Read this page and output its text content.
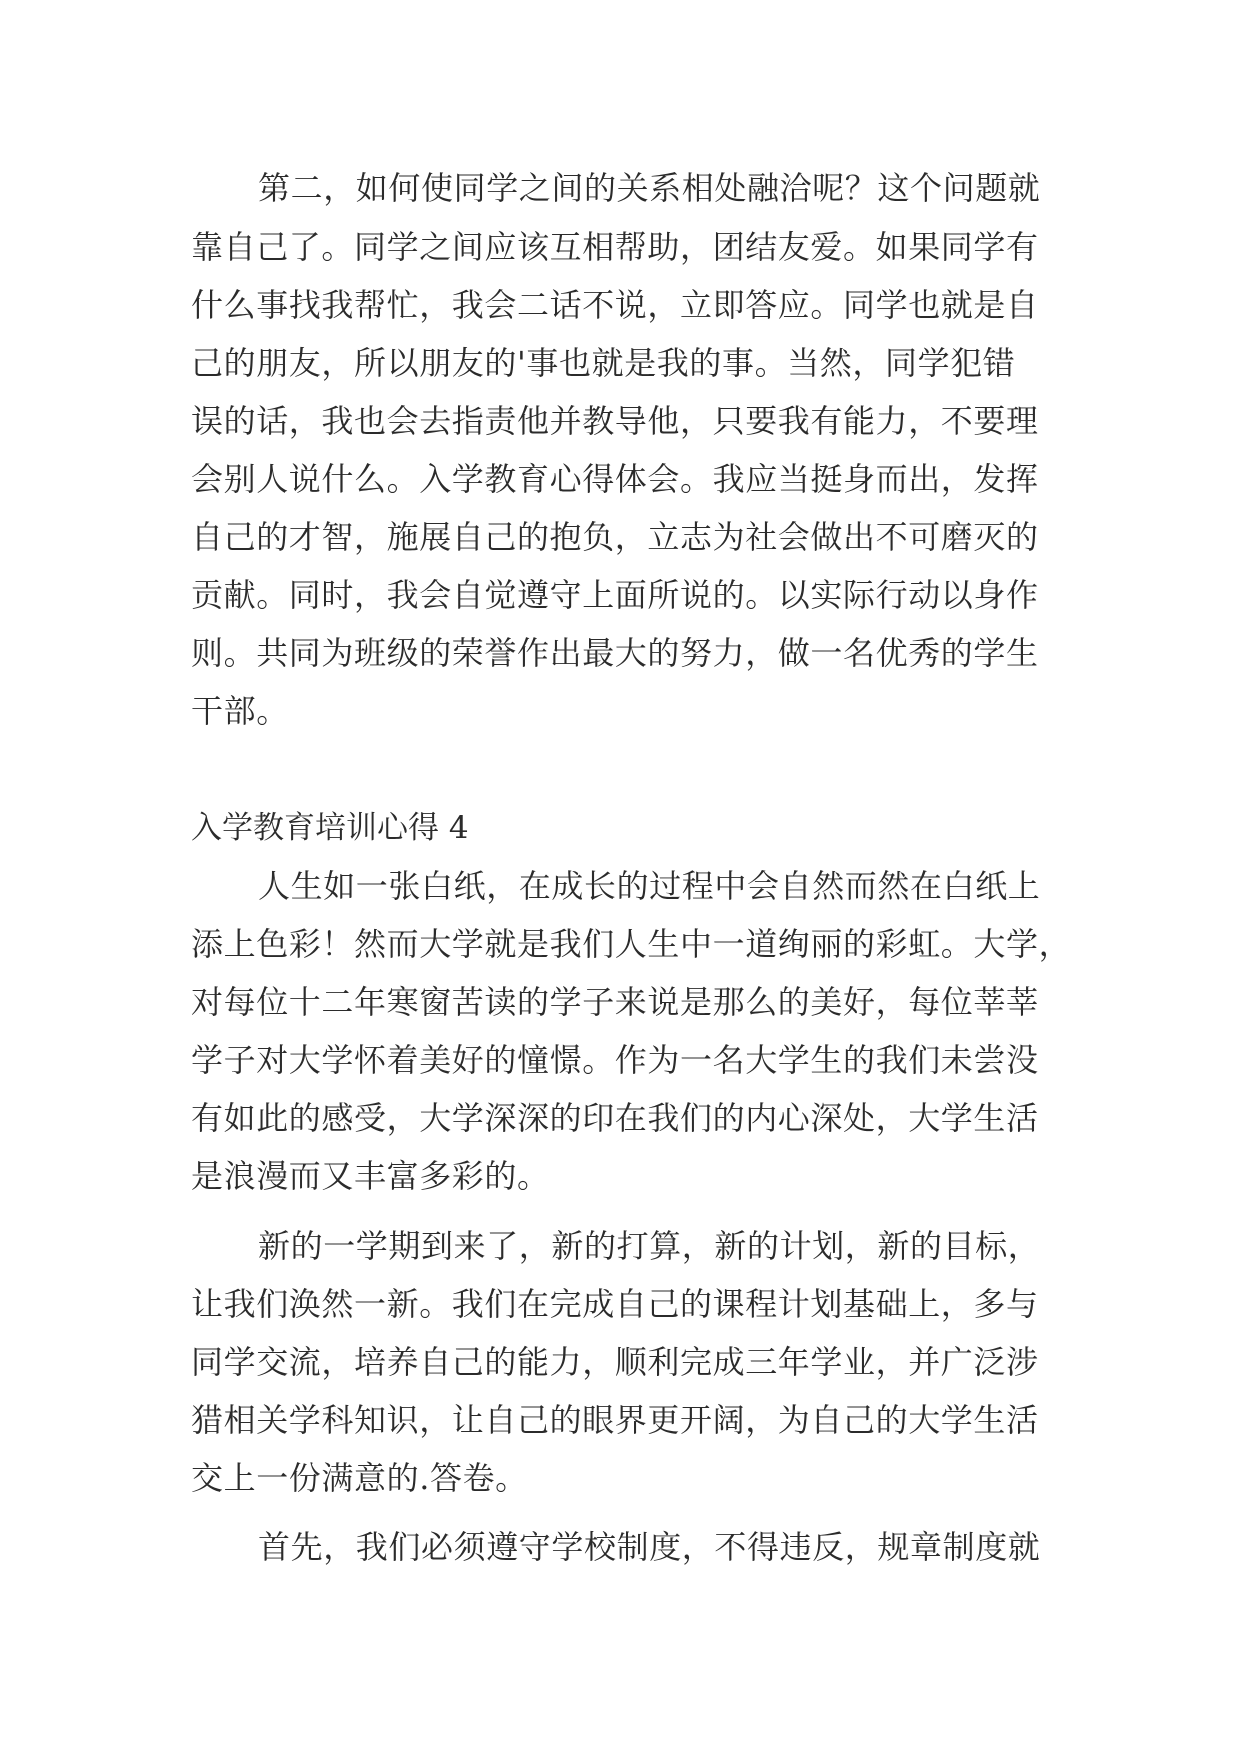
第二，如何使同学之间的关系相处融洽呢？这个问题就
靠自己了。同学之间应该互相帮助，团结友爱。如果同学有
什么事找我帮忙，我会二话不说，立即答应。同学也就是自
己的朋友，所以朋友的'事也就是我的事。当然，同学犯错
误的话，我也会去指责他并教导他，只要我有能力，不要理
会别人说什么。入学教育心得体会。我应当挺身而出，发挥
自己的才智，施展自己的抱负，立志为社会做出不可磨灭的
贡献。同时，我会自觉遵守上面所说的。以实际行动以身作
则。共同为班级的荣誉作出最大的努力，做一名优秀的学生
干部。
入学教育培训心得 4
人生如一张白纸，在成长的过程中会自然而然在白纸上
添上色彩！然而大学就是我们人生中一道绚丽的彩虹。大学，
对每位十二年寒窗苦读的学子来说是那么的美好，每位莘莘
学子对大学怀着美好的憧憬。作为一名大学生的我们未尝没
有如此的感受，大学深深的印在我们的内心深处，大学生活
是浪漫而又丰富多彩的。
新的一学期到来了，新的打算，新的计划，新的目标，
让我们涣然一新。我们在完成自己的课程计划基础上，多与
同学交流，培养自己的能力，顺利完成三年学业，并广泛涉
猎相关学科知识，让自己的眼界更开阔，为自己的大学生活
交上一份满意的.答卷。
首先，我们必须遵守学校制度，不得违反，规章制度就
